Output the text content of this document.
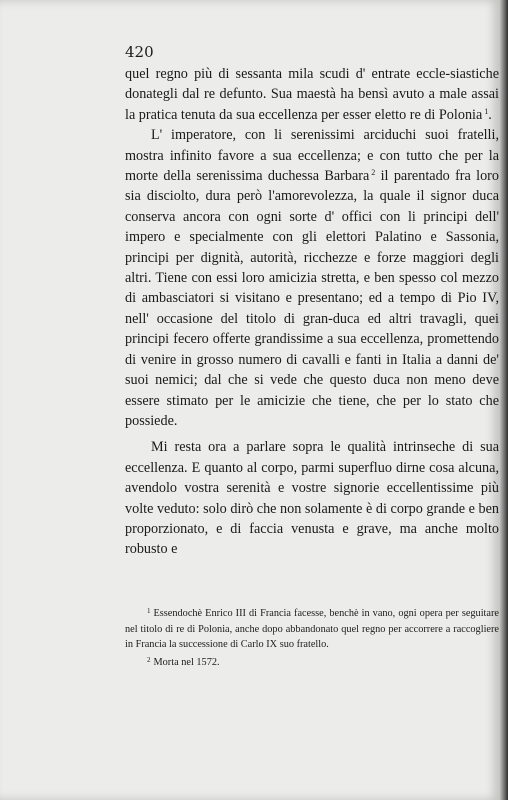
420

quel regno più di sessanta mila scudi d' entrate eccle-siastiche donategli dal re defunto. Sua maestà ha bensì avuto a male assai la pratica tenuta da sua eccellenza per esser eletto re di Polonia $^1$.

L' imperatore, con li serenissimi arciduchi suoi fratelli, mostra infinito favore a sua eccellenza; e con tutto che per la morte della serenissima duchessa Barbara $^2$ il parentado fra loro sia disciolto, dura però l'amorevolezza, la quale il signor duca conserva ancora con ogni sorte d' offici con li principi dell' impero e specialmente con gli elettori Palatino e Sassonia, principi per dignità, autorità, ricchezze e forze maggiori degli altri. Tiene con essi loro amicizia stretta, e ben spesso col mezzo di ambasciatori si visitano e presentano; ed a tempo di Pio IV, nell' occasione del titolo di gran-duca ed altri travagli, quei principi fecero offerte grandissime a sua eccellenza, promettendo di venire in grosso numero di cavalli e fanti in Italia a danni de' suoi nemici; dal che si vede che questo duca non meno deve essere stimato per le amicizie che tiene, che per lo stato che possiede.

Mi resta ora a parlare sopra le qualità intrinseche di sua eccellenza. E quanto al corpo, parmi superfluo dirne cosa alcuna, avendolo vostra serenità e vostre signorie eccellentissime più volte veduto: solo dirò che non solamente è di corpo grande e ben proporzionato, e di faccia venusta e grave, ma anche molto robusto e

$^1$ Essendochè Enrico III di Francia facesse, benchè in vano, ogni opera per seguitare nel titolo di re di Polonia, anche dopo abbandonato quel regno per accorrere a raccogliere in Francia la successione di Carlo IX suo fratello.

$^2$ Morta nel 1572.
